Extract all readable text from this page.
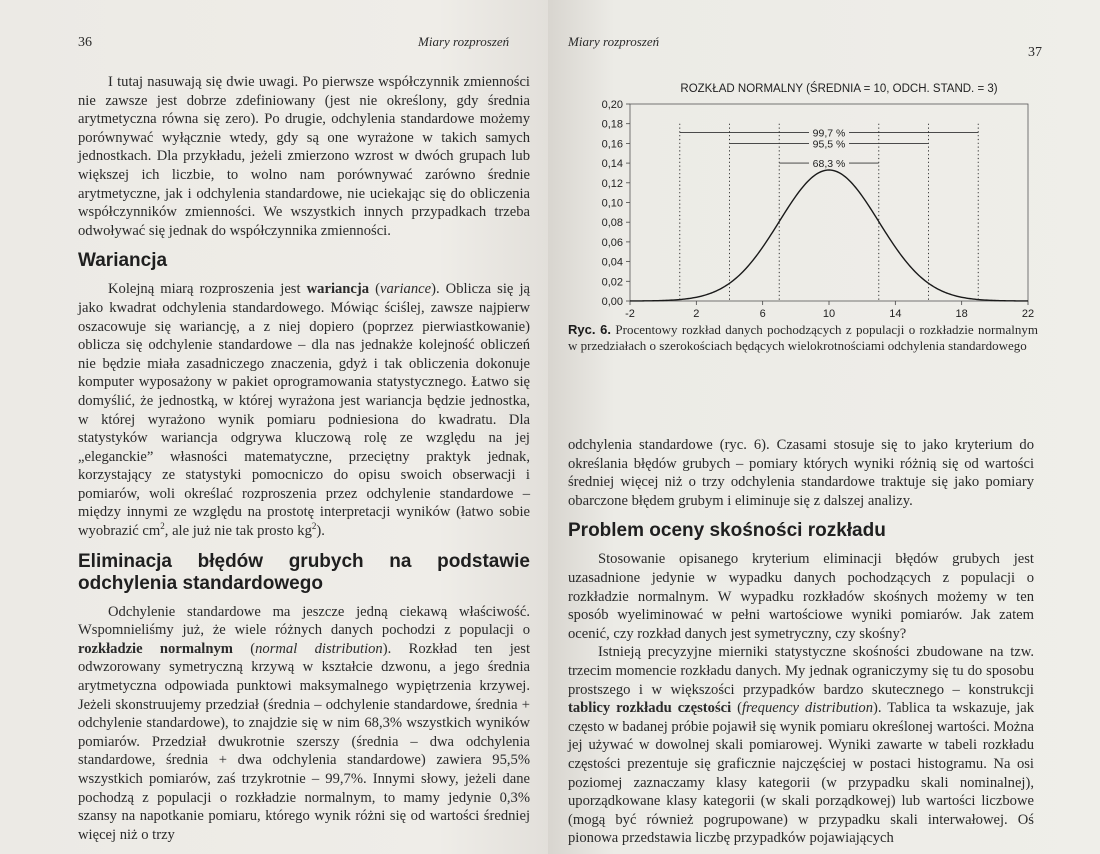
36	Miary rozproszeń

I tutaj nasuwają się dwie uwagi. Po pierwsze współczynnik zmienności nie zawsze jest dobrze zdefiniowany (jest nie określony, gdy średnia arytmetyczna równa się zero). Po drugie, odchylenia standardowe możemy porównywać wyłącznie wtedy, gdy są one wyrażone w takich samych jednostkach. Dla przykładu, jeżeli zmierzono wzrost w dwóch grupach lub większej ich liczbie, to wolno nam porównywać zarówno średnie arytmetyczne, jak i odchylenia standardowe, nie uciekając się do obliczenia współczynników zmienności. We wszystkich innych przypadkach trzeba odwoływać się jednak do współczynnika zmienności.

Wariancja

Kolejną miarą rozproszenia jest wariancja (variance). Oblicza się ją jako kwadrat odchylenia standardowego. Mówiąc ściślej, zawsze najpierw oszacowuje się wariancję, a z niej dopiero (poprzez pierwiastkowanie) oblicza się odchylenie standardowe – dla nas jednakże kolejność obliczeń nie będzie miała zasadniczego znaczenia, gdyż i tak obliczenia dokonuje komputer wyposażony w pakiet oprogramowania statystycznego. Łatwo się domyślić, że jednostką, w której wyrażona jest wariancja będzie jednostka, w której wyrażono wynik pomiaru podniesiona do kwadratu. Dla statystyków wariancja odgrywa kluczową rolę ze względu na jej „eleganckie” własności matematyczne, przeciętny praktyk jednak, korzystający ze statystyki pomocniczo do opisu swoich obserwacji i pomiarów, woli określać rozproszenia przez odchylenie standardowe – między innymi ze względu na prostotę interpretacji wyników (łatwo sobie wyobrazić $cm^2$, ale już nie tak prosto $kg^2$).

Eliminacja błędów grubych na podstawie odchylenia standardowego

Odchylenie standardowe ma jeszcze jedną ciekawą właściwość. Wspomnieliśmy już, że wiele różnych danych pochodzi z populacji o rozkładzie normalnym (normal distribution). Rozkład ten jest odwzorowany symetryczną krzywą w kształcie dzwonu, a jego średnia arytmetyczna odpowiada punktowi maksymalnego wypiętrzenia krzywej. Jeżeli skonstruujemy przedział (średnia – odchylenie standardowe, średnia + odchylenie standardowe), to znajdzie się w nim 68,3% wszystkich wyników pomiarów. Przedział dwukrotnie szerszy (średnia – dwa odchylenia standardowe, średnia + dwa odchylenia standardowe) zawiera 95,5% wszystkich pomiarów, zaś trzykrotnie – 99,7%. Innymi słowy, jeżeli dane pochodzą z populacji o rozkładzie normalnym, to mamy jedynie 0,3% szansy na napotkanie pomiaru, którego wynik różni się od wartości średniej więcej niż o trzy

Miary rozproszeń
37
ROZKŁAD NORMALNY (ŚREDNIA = 10, ODCH. STAND. = 3)
0,00
0,02
0,04
0,06
0,08
0,10
0,12
0,14
0,16
0,18
0,20
-2	2	6	10	14	18	22
68,3 %
95,5 %
99,7 %
Ryc. 6. Procentowy rozkład danych pochodzących z populacji o rozkładzie normalnym w przedziałach o szerokościach będących wielokrotnościami odchylenia standardowego

odchylenia standardowe (ryc. 6). Czasami stosuje się to jako kryterium do określania błędów grubych – pomiary których wyniki różnią się od wartości średniej więcej niż o trzy odchylenia standardowe traktuje się jako pomiary obarczone błędem grubym i eliminuje się z dalszej analizy.

Problem oceny skośności rozkładu

Stosowanie opisanego kryterium eliminacji błędów grubych jest uzasadnione jedynie w wypadku danych pochodzących z populacji o rozkładzie normalnym. W wypadku rozkładów skośnych możemy w ten sposób wyeliminować w pełni wartościowe wyniki pomiarów. Jak zatem ocenić, czy rozkład danych jest symetryczny, czy skośny?

Istnieją precyzyjne mierniki statystyczne skośności zbudowane na tzw. trzecim momencie rozkładu danych. My jednak ograniczymy się tu do sposobu prostszego i w większości przypadków bardzo skutecznego – konstrukcji tablicy rozkładu częstości (frequency distribution). Tablica ta wskazuje, jak często w badanej próbie pojawił się wynik pomiaru określonej wartości. Można jej używać w dowolnej skali pomiarowej. Wyniki zawarte w tabeli rozkładu częstości prezentuje się graficznie najczęściej w postaci histogramu. Na osi poziomej zaznaczamy klasy kategorii (w przypadku skali nominalnej), uporządkowane klasy kategorii (w skali porządkowej) lub wartości liczbowe (mogą być również pogrupowane) w przypadku skali interwałowej. Oś pionowa przedstawia liczbę przypadków pojawiających
